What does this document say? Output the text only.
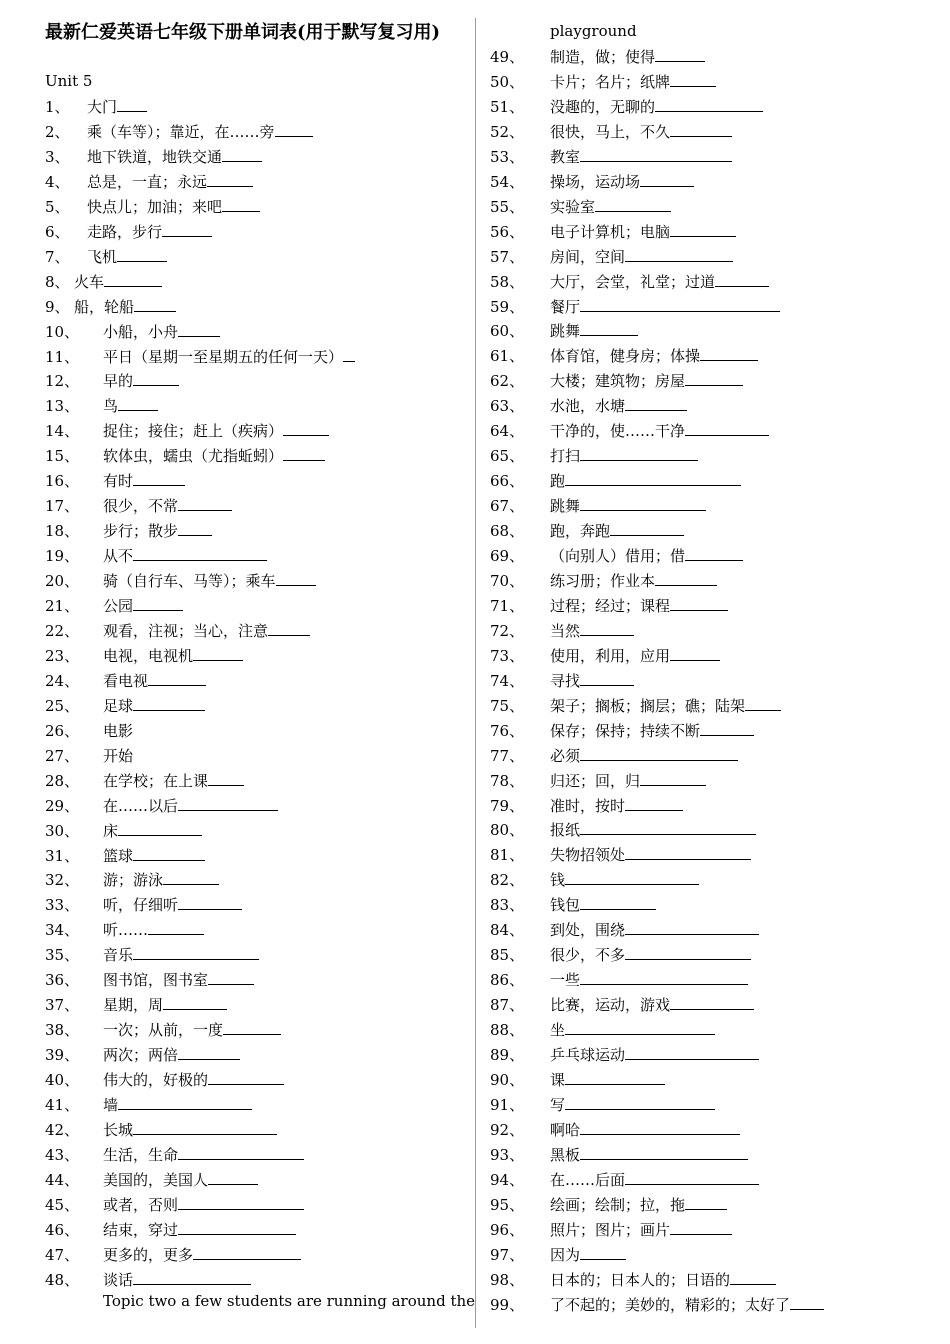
最新仁爱英语七年级下册单词表(用于默写复习用)
Unit 5
Topic two a few students are running around the
playground
1、 大门
2、 乘（车等）；靠近，在……旁
3、 地下铁道，地铁交通
4、 总是，一直；永远
5、 快点儿；加油；来吧
6、 走路，步行
7、 飞机
8、 火车
9、 船，轮船
10、 小船，小舟
11、 平日（星期一至星期五的任何一天）
12、 早的
13、 鸟
14、 捉住；接住；赶上（疾病）
15、 软体虫，蠕虫（尤指蚯蚓）
16、 有时
17、 很少，不常
18、 步行；散步
19、 从不
20、 骑（自行车、马等）；乘车
21、 公园
22、 观看，注视；当心，注意
23、 电视，电视机
24、 看电视
25、 足球
26、 电影
27、 开始
28、 在学校；在上课
29、 在……以后
30、 床
31、 篮球
32、 游；游泳
33、 听，仔细听
34、 听……
35、 音乐
36、 图书馆，图书室
37、 星期，周
38、 一次；从前，一度
39、 两次；两倍
40、 伟大的，好极的
41、 墙
42、 长城
43、 生活，生命
44、 美国的，美国人
45、 或者，否则
46、 结束，穿过
47、 更多的，更多
48、 谈话
49、 制造，做；使得
50、 卡片；名片；纸牌
51、 没趣的，无聊的
52、 很快，马上，不久
53、 教室
54、 操场，运动场
55、 实验室
56、 电子计算机；电脑
57、 房间，空间
58、 大厅，会堂，礼堂；过道
59、 餐厅
60、 跳舞
61、 体育馆，健身房；体操
62、 大楼；建筑物；房屋
63、 水池，水塘
64、 干净的，使……干净
65、 打扫
66、 跑
67、 跳舞
68、 跑，奔跑
69、 （向别人）借用；借
70、 练习册；作业本
71、 过程；经过；课程
72、 当然
73、 使用，利用，应用
74、 寻找
75、 架子；搁板；搁层；礁；陆架
76、 保存；保持；持续不断
77、 必须
78、 归还；回，归
79、 准时，按时
80、 报纸
81、 失物招领处
82、 钱
83、 钱包
84、 到处，围绕
85、 很少，不多
86、 一些
87、 比赛，运动，游戏
88、 坐
89、 乒乓球运动
90、 课
91、 写
92、 啊哈
93、 黑板
94、 在……后面
95、 绘画；绘制；拉，拖
96、 照片；图片；画片
97、 因为
98、 日本的；日本人的；日语的
99、 了不起的；美妙的，精彩的；太好了
